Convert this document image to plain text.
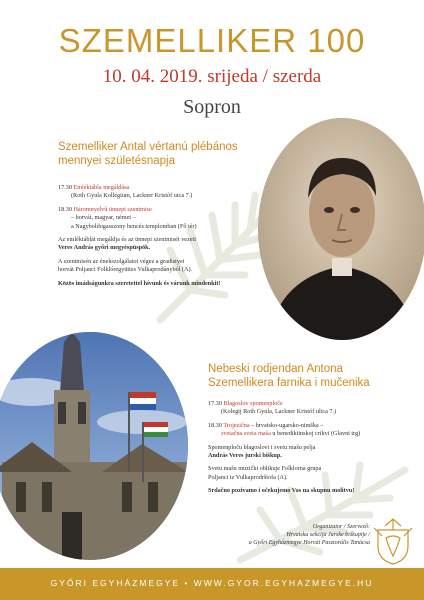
SZEMELLIKER 100
10. 04. 2019. srijeda / szerda
Sopron
Szemelliker Antal vértanú plébános
mennyei születésnapja
17.30 Emléktábla megáldása
(Roth Gyula Kollégium, Lackner Kristóf utca 7.)
18.30 Háromnyelvű ünnepi szentmise
– horvát, magyar, német –
a Nagyboldogasszony bencés templomban (Fő tér)
Az emléktáblát megáldja és az ünnepi szentmisét vezeti
Veres András győri megyéspüspök.
A szentmisén az énekszolgálatot végez a gradistyei
horvát Poljanci Folklóregyüttes Vulkaprodányból (A).
Közös imádságunkra szeretettel hívunk és várunk mindenkit!
Nebeski rodjendan Antona
Szemellikera farnika i mučenika
17.30 Blagoslov spomenploče
(Kolegij Roth Gyula, Lackner Kristóf ulica 7.)
18.30 Trojezična – hrvatsko-ugarsko-nimška –
svetačna sveta maša u benediktinskoj crikvi (Glavni trg)
Spomenploču blagoslovi i svetu mašu pelja
András Veres jurski biškup.
Svetu mašu muzički oblikuje Folklorna grupa
Poljanci iz Vulkaprodrštofa (A).
Srdačno pozivamo i očekujemo Vas na skupnu molitvu!
Organizator / Szervező:
Hrvatska sekcija Jurske biškupije /
a Győri Egyházmegye Horvát Pasztorális Tanácsa
GYŐRI EGYHÁZMEGYE • WWW.GYOR.EGYHAZMEGYE.HU
